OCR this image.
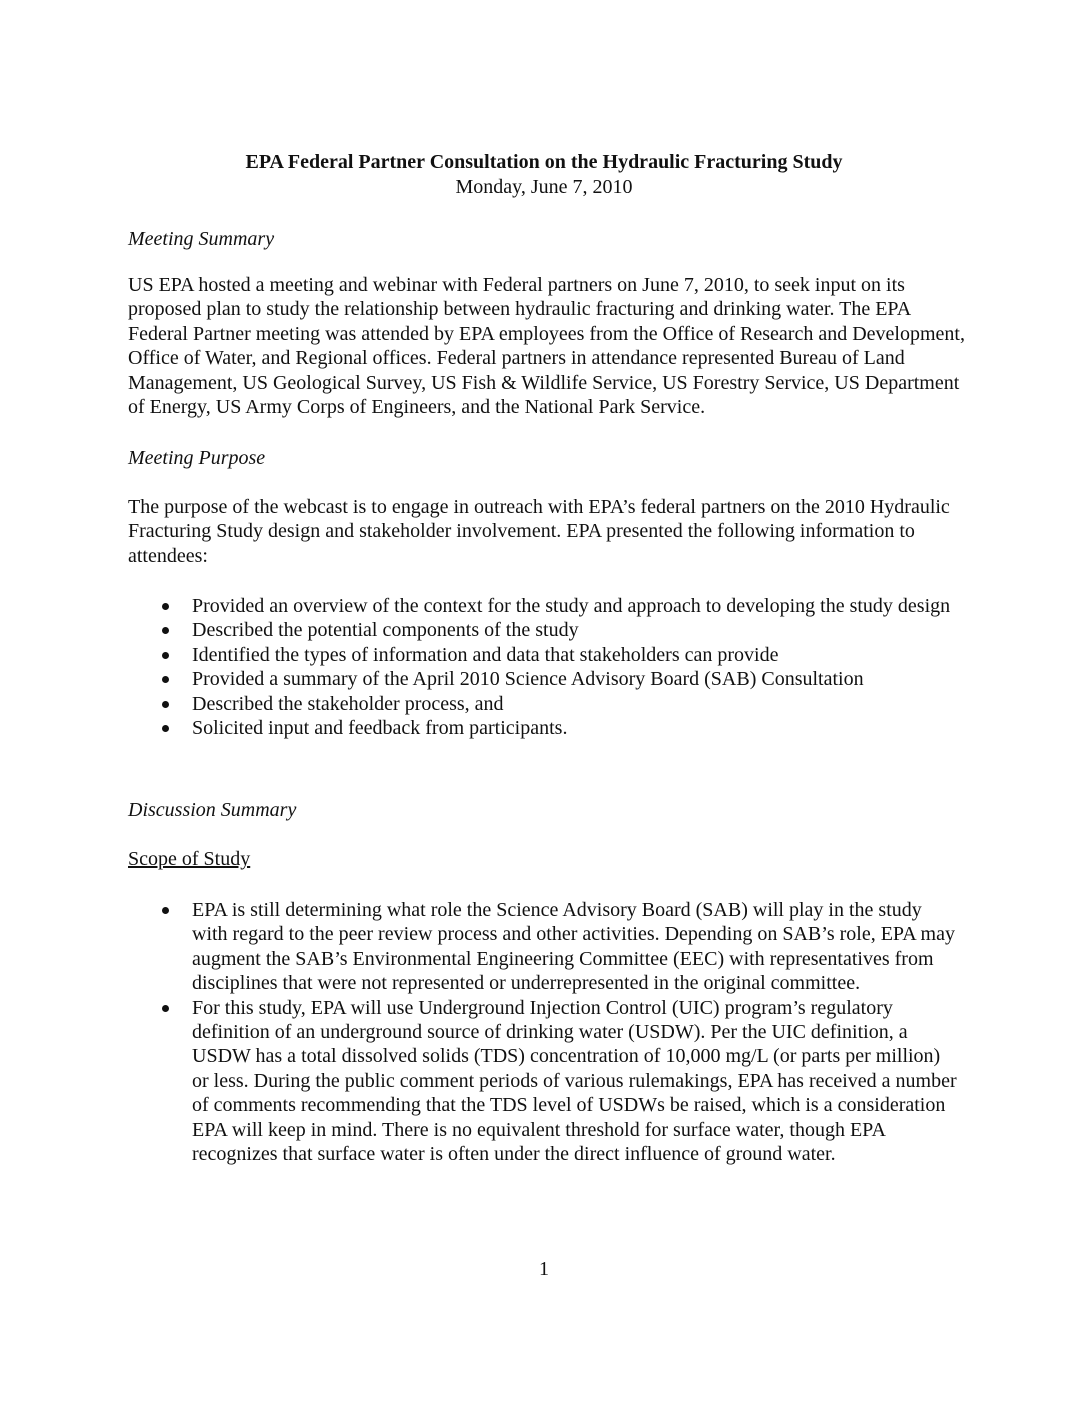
EPA Federal Partner Consultation on the Hydraulic Fracturing Study
Monday, June 7, 2010
Meeting Summary
US EPA hosted a meeting and webinar with Federal partners on June 7, 2010, to seek input on its proposed plan to study the relationship between hydraulic fracturing and drinking water. The EPA Federal Partner meeting was attended by EPA employees from the Office of Research and Development, Office of Water, and Regional offices. Federal partners in attendance represented Bureau of Land Management, US Geological Survey, US Fish & Wildlife Service, US Forestry Service, US Department of Energy, US Army Corps of Engineers, and the National Park Service.
Meeting Purpose
The purpose of the webcast is to engage in outreach with EPA’s federal partners on the 2010 Hydraulic Fracturing Study design and stakeholder involvement. EPA presented the following information to attendees:
Provided an overview of the context for the study and approach to developing the study design
Described the potential components of the study
Identified the types of information and data that stakeholders can provide
Provided a summary of the April 2010 Science Advisory Board (SAB) Consultation
Described the stakeholder process, and
Solicited input and feedback from participants.
Discussion Summary
Scope of Study
EPA is still determining what role the Science Advisory Board (SAB) will play in the study with regard to the peer review process and other activities. Depending on SAB’s role, EPA may augment the SAB’s Environmental Engineering Committee (EEC) with representatives from disciplines that were not represented or underrepresented in the original committee.
For this study, EPA will use Underground Injection Control (UIC) program’s regulatory definition of an underground source of drinking water (USDW). Per the UIC definition, a USDW has a total dissolved solids (TDS) concentration of 10,000 mg/L (or parts per million) or less. During the public comment periods of various rulemakings, EPA has received a number of comments recommending that the TDS level of USDWs be raised, which is a consideration EPA will keep in mind. There is no equivalent threshold for surface water, though EPA recognizes that surface water is often under the direct influence of ground water.
1
